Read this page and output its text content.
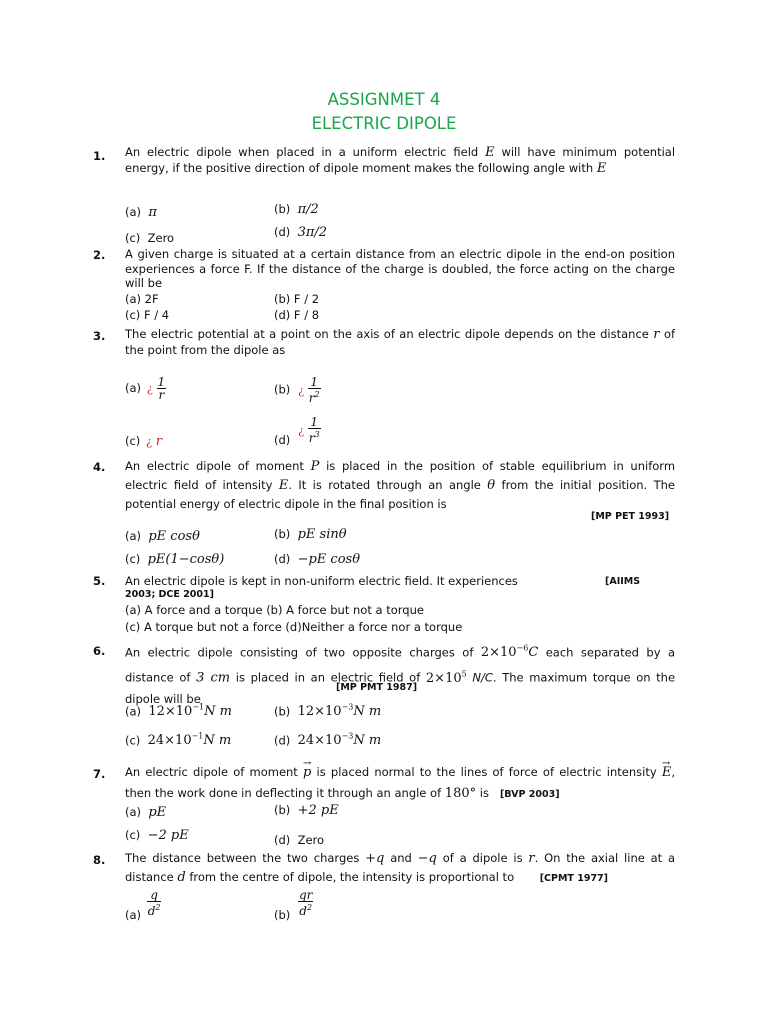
ASSIGNMET 4
ELECTRIC DIPOLE
1. An electric dipole when placed in a uniform electric field E will have minimum potential energy, if the positive direction of dipole moment makes the following angle with E
(a) π	(b) π/2
(c) Zero	(d) 3π/2
2. A given charge is situated at a certain distance from an electric dipole in the end-on position experiences a force F. If the distance of the charge is doubled, the force acting on the charge will be
(a) 2F	(b) F / 2
(c) F / 4	(d) F / 8
3. The electric potential at a point on the axis of an electric dipole depends on the distance r of the point from the dipole as
(a) ¿ $\frac{1}{r}$	(b) ¿ $\frac{1}{r^2}$
(c) ¿ r	(d) ¿ $\frac{1}{r^3}$
4. An electric dipole of moment P is placed in the position of stable equilibrium in uniform electric field of intensity E. It is rotated through an angle θ from the initial position. The potential energy of electric dipole in the final position is
[MP PET 1993]
(a) pE cosθ	(b) pE sinθ
(c) pE(1−cosθ)	(d) −pE cosθ
5. An electric dipole is kept in non-uniform electric field. It experiences	[AIIMS
2003; DCE 2001]
(a) A force and a torque (b) A force but not a torque
(c) A torque but not a force (d)Neither a force nor a torque
6. An electric dipole consisting of two opposite charges of $2\times 10^{-6}C$ each separated by a distance of 3 cm is placed in an electric field of $2\times 10^5$ N/C. The maximum torque on the dipole will be
[MP PMT 1987]
(a) $12\times 10^{-1}N$ m	(b) $12\times 10^{-3}N$ m
(c) $24\times 10^{-1}N$ m	(d) $24\times 10^{-3}N$ m
7. An electric dipole of moment → p is placed normal to the lines of force of electric intensity → E, then the work done in deflecting it through an angle of 180° is [BVP 2003]
(a) pE	(b) +2 pE
(c) −2 pE	(d) Zero
8. The distance between the two charges +q and −q of a dipole is r. On the axial line at a distance d from the centre of dipole, the intensity is proportional to	[CPMT 1977]
$(a) \frac{q}{d^2}$	$(b) \frac{qr}{d^2}$
